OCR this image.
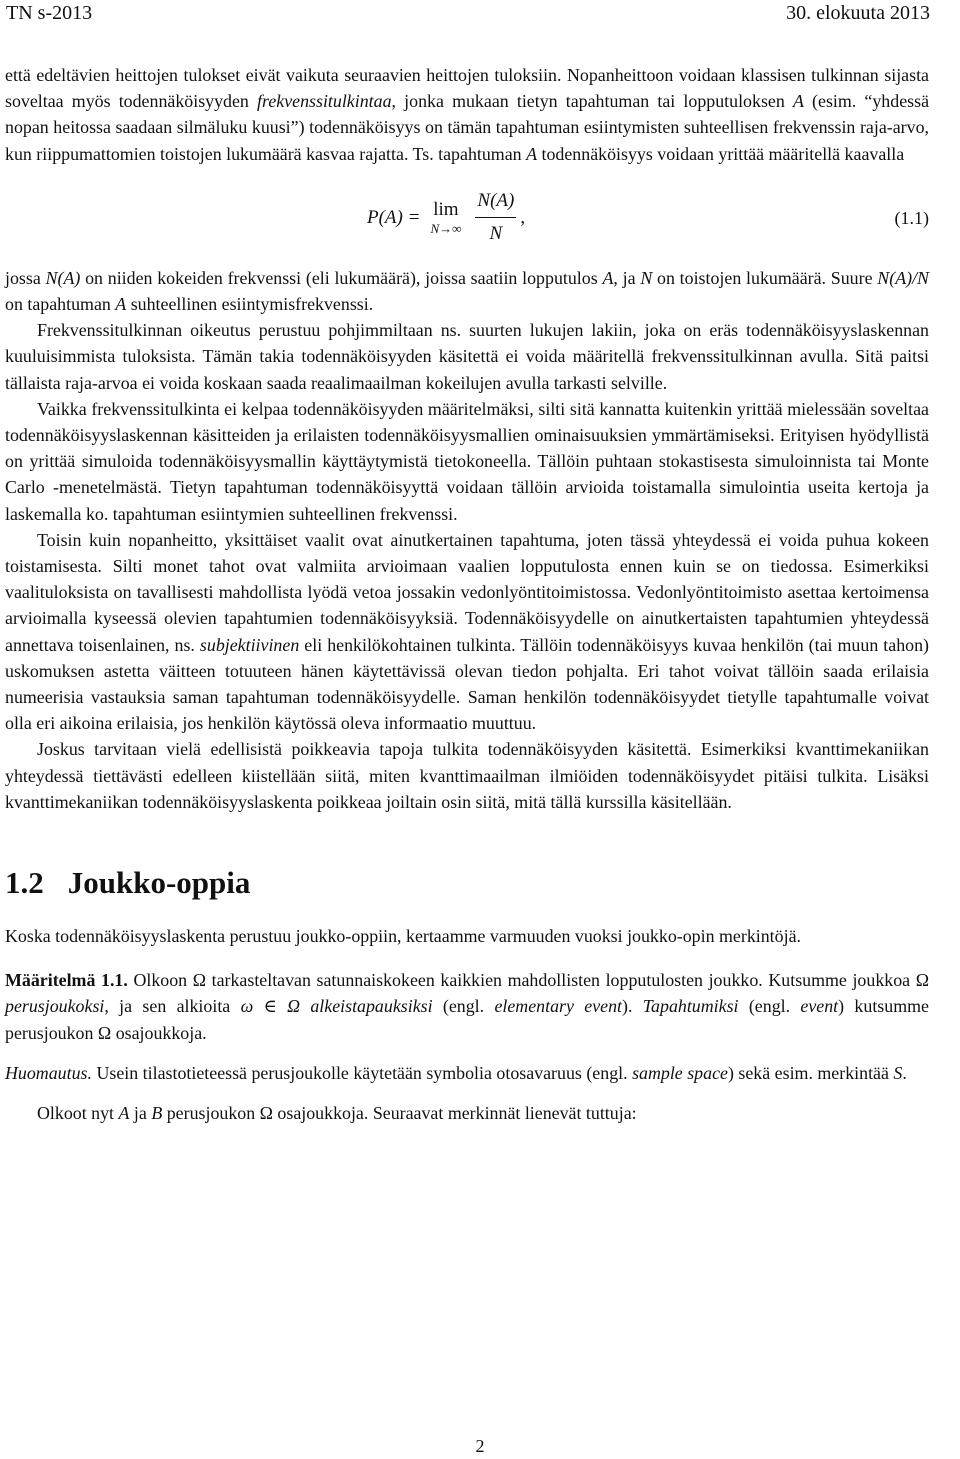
TN s-2013	30. elokuuta 2013

että edeltävien heittojen tulokset eivät vaikuta seuraavien heittojen tuloksiin. Nopanheittoon voidaan klassisen tulkinnan sijasta soveltaa myös todennäköisyyden frekvenssitulkintaa, jonka mukaan tietyn tapahtuman tai lopputuloksen A (esim. “yhdessä nopan heitossa saadaan silmäluku kuusi”) todennäköisyys on tämän tapahtuman esiintymisten suhteellisen frekvenssin raja-arvo, kun riippumattomien toistojen lukumäärä kasvaa rajatta. Ts. tapahtuman A todennäköisyys voidaan yrittää määritellä kaavalla

P(A) = lim
$N\to\infty \frac{N(A)}{N}$ ,	(1.1)

jossa N(A) on niiden kokeiden frekvenssi (eli lukumäärä), joissa saatiin lopputulos A, ja N on toistojen lukumäärä. Suure N(A)/N on tapahtuman A suhteellinen esiintymisfrekvenssi.

Frekvenssitulkinnan oikeutus perustuu pohjimmiltaan ns. suurten lukujen lakiin, joka on eräs todennäköisyyslaskennan kuuluisimmista tuloksista. Tämän takia todennäköisyyden käsitettä ei voida määritellä frekvenssitulkinnan avulla. Sitä paitsi tällaista raja-arvoa ei voida koskaan saada reaalimaailman kokeilujen avulla tarkasti selville.

Vaikka frekvenssitulkinta ei kelpaa todennäköisyyden määritelmäksi, silti sitä kannatta kuitenkin yrittää mielessään soveltaa todennäköisyyslaskennan käsitteiden ja erilaisten todennäköisyysmallien ominaisuuksien ymmärtämiseksi. Erityisen hyödyllistä on yrittää simuloida todennäköisyysmallin käyttäytymistä tietokoneella. Tällöin puhtaan stokastisesta simuloinnista tai Monte Carlo -menetelmästä. Tietyn tapahtuman todennäköisyyttä voidaan tällöin arvioida toistamalla simulointia useita kertoja ja laskemalla ko. tapahtuman esiintymien suhteellinen frekvenssi.

Toisin kuin nopanheitto, yksittäiset vaalit ovat ainutkertainen tapahtuma, joten tässä yhteydessä ei voida puhua kokeen toistamisesta. Silti monet tahot ovat valmiita arvioimaan vaalien lopputulosta ennen kuin se on tiedossa. Esimerkiksi vaalituloksista on tavallisesti mahdollista lyödä vetoa jossakin vedonlyöntitoimistossa. Vedonlyöntitoimisto asettaa kertoimensa arvioimalla kyseessä olevien tapahtumien todennäköisyyksiä. Todennäköisyydelle on ainutkertaisten tapahtumien yhteydessä annettava toisenlainen, ns. subjektiivinen eli henkilökohtainen tulkinta. Tällöin todennäköisyys kuvaa henkilön (tai muun tahon) uskomuksen astetta väitteen totuuteen hänen käytettävissä olevan tiedon pohjalta. Eri tahot voivat tällöin saada erilaisia numeerisia vastauksia saman tapahtuman todennäköisyydelle. Saman henkilön todennäköisyydet tietylle tapahtumalle voivat olla eri aikoina erilaisia, jos henkilön käytössä oleva informaatio muuttuu.

Joskus tarvitaan vielä edellisistä poikkeavia tapoja tulkita todennäköisyyden käsitettä. Esimerkiksi kvanttimekaniikan yhteydessä tiettävästi edelleen kiistellään siitä, miten kvanttimaailman ilmiöiden todennäköisyydet pitäisi tulkita. Lisäksi kvanttimekaniikan todennäköisyyslaskenta poikkeaa joiltain osin siitä, mitä tällä kurssilla käsitellään.

1.2 Joukko-oppia

Koska todennäköisyyslaskenta perustuu joukko-oppiin, kertaamme varmuuden vuoksi joukko-opin merkintöjä.

Määritelmä 1.1. Olkoon Ω tarkasteltavan satunnaiskokeen kaikkien mahdollisten lopputulosten joukko. Kutsumme joukkoa Ω perusjoukoksi, ja sen alkioita ω ∈ Ω alkeistapauksiksi (engl. elementary event). Tapahtumiksi (engl. event) kutsumme perusjoukon Ω osajoukkoja.

Huomautus. Usein tilastotieteessä perusjoukolle käytetään symbolia otosavaruus (engl. sample space) sekä esim. merkintää S.

Olkoot nyt A ja B perusjoukon Ω osajoukkoja. Seuraavat merkinnät lienevät tuttuja:

2
